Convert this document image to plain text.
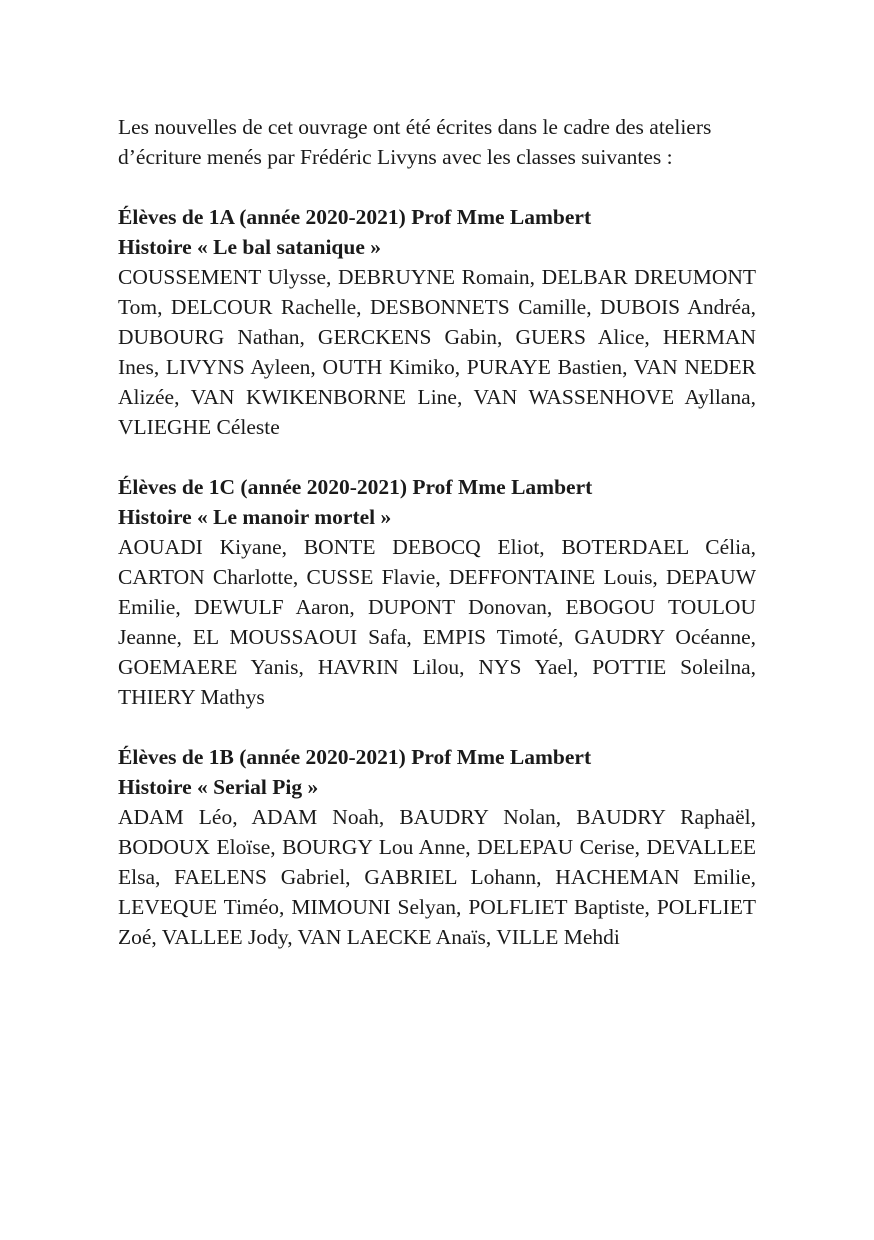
Les nouvelles de cet ouvrage ont été écrites dans le cadre des ateliers d’écriture menés par Frédéric Livyns avec les classes suivantes :

Élèves de 1A (année 2020-2021) Prof Mme Lambert

Histoire « Le bal satanique »

COUSSEMENT Ulysse, DEBRUYNE Romain, DELBAR DREUMONT Tom, DELCOUR Rachelle, DESBONNETS Camille, DUBOIS Andréa, DUBOURG Nathan, GERCKENS Gabin, GUERS Alice, HERMAN Ines, LIVYNS Ayleen, OUTH Kimiko, PURAYE Bastien, VAN NEDER Alizée, VAN KWIKENBORNE Line, VAN WASSENHOVE Ayllana, VLIEGHE Céleste

Élèves de 1C (année 2020-2021) Prof Mme Lambert

Histoire « Le manoir mortel »

AOUADI Kiyane, BONTE DEBOCQ Eliot, BOTERDAEL Célia, CARTON Charlotte, CUSSE Flavie, DEFFONTAINE Louis, DEPAUW Emilie, DEWULF Aaron, DUPONT Donovan, EBOGOU TOULOU Jeanne, EL MOUSSAOUI Safa, EMPIS Timoté, GAUDRY Océanne, GOEMAERE Yanis, HAVRIN Lilou, NYS Yael, POTTIE Soleilna, THIERY Mathys

Élèves de 1B (année 2020-2021) Prof Mme Lambert

Histoire « Serial Pig »

ADAM Léo, ADAM Noah, BAUDRY Nolan, BAUDRY Raphaël, BODOUX Eloïse, BOURGY Lou Anne, DELEPAU Cerise, DEVALLEE Elsa, FAELENS Gabriel, GABRIEL Lohann, HACHEMAN Emilie, LEVEQUE Timéo, MIMOUNI Selyan, POLFLIET Baptiste, POLFLIET Zoé, VALLEE Jody, VAN LAECKE Anaïs, VILLE Mehdi
